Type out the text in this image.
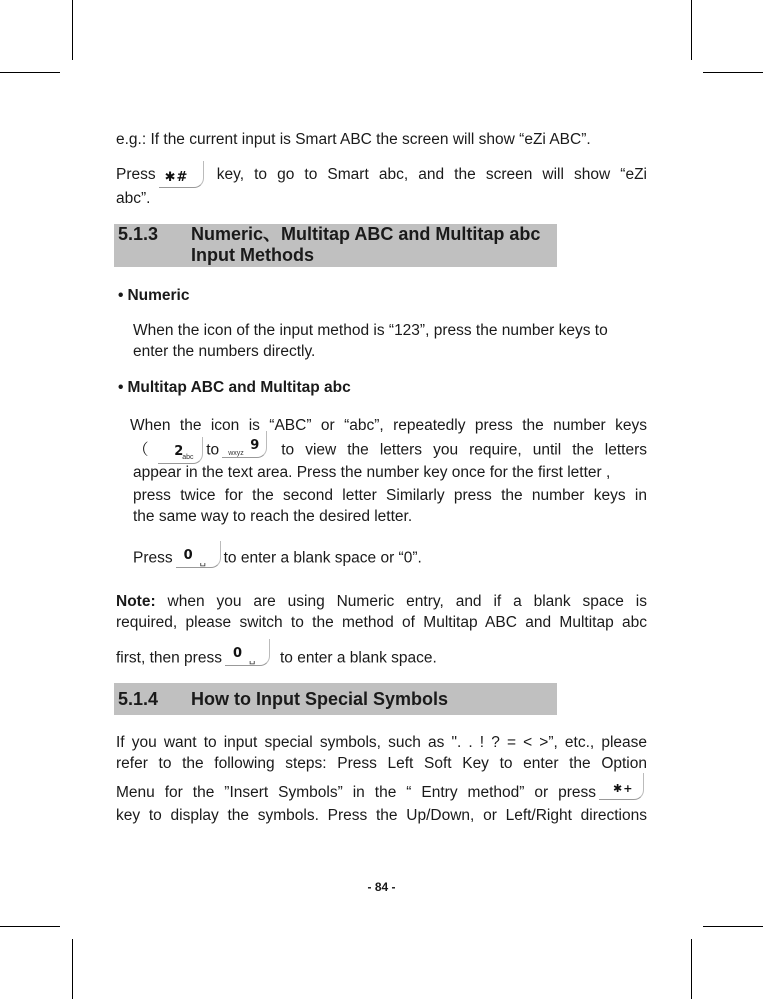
e.g.: If the current input is Smart ABC the screen will show “eZi ABC”.
Press ✱# key, to go to Smart abc, and the screen will show “eZi
abc”.
5.1.3 Numeric、Multitap ABC and Multitap abc
Input Methods
• Numeric
When the icon of the input method is “123”, press the number keys to
enter the numbers directly.
• Multitap ABC and Multitap abc
When the icon is “ABC” or “abc”, repeatedly press the number keys
（ 2
abc to wxyz
9 to view the letters you require, until the letters
appear in the text area. Press the number key once for the first letter ,
press twice for the second letter Similarly press the number keys in
the same way to reach the desired letter.
Press 0 ␣ to enter a blank space or “0”.
Note: when you are using Numeric entry, and if a blank space is
required, please switch to the method of Multitap ABC and Multitap abc
first, then press 0 ␣ to enter a blank space.
5.1.4 How to Input Special Symbols
If you want to input special symbols, such as ". . ! ? = < >”, etc., please
refer to the following steps: Press Left Soft Key to enter the Option
Menu for the ”Insert Symbols” in the “ Entry method” or press ✱+
key to display the symbols. Press the Up/Down, or Left/Right directions
- 84 -
